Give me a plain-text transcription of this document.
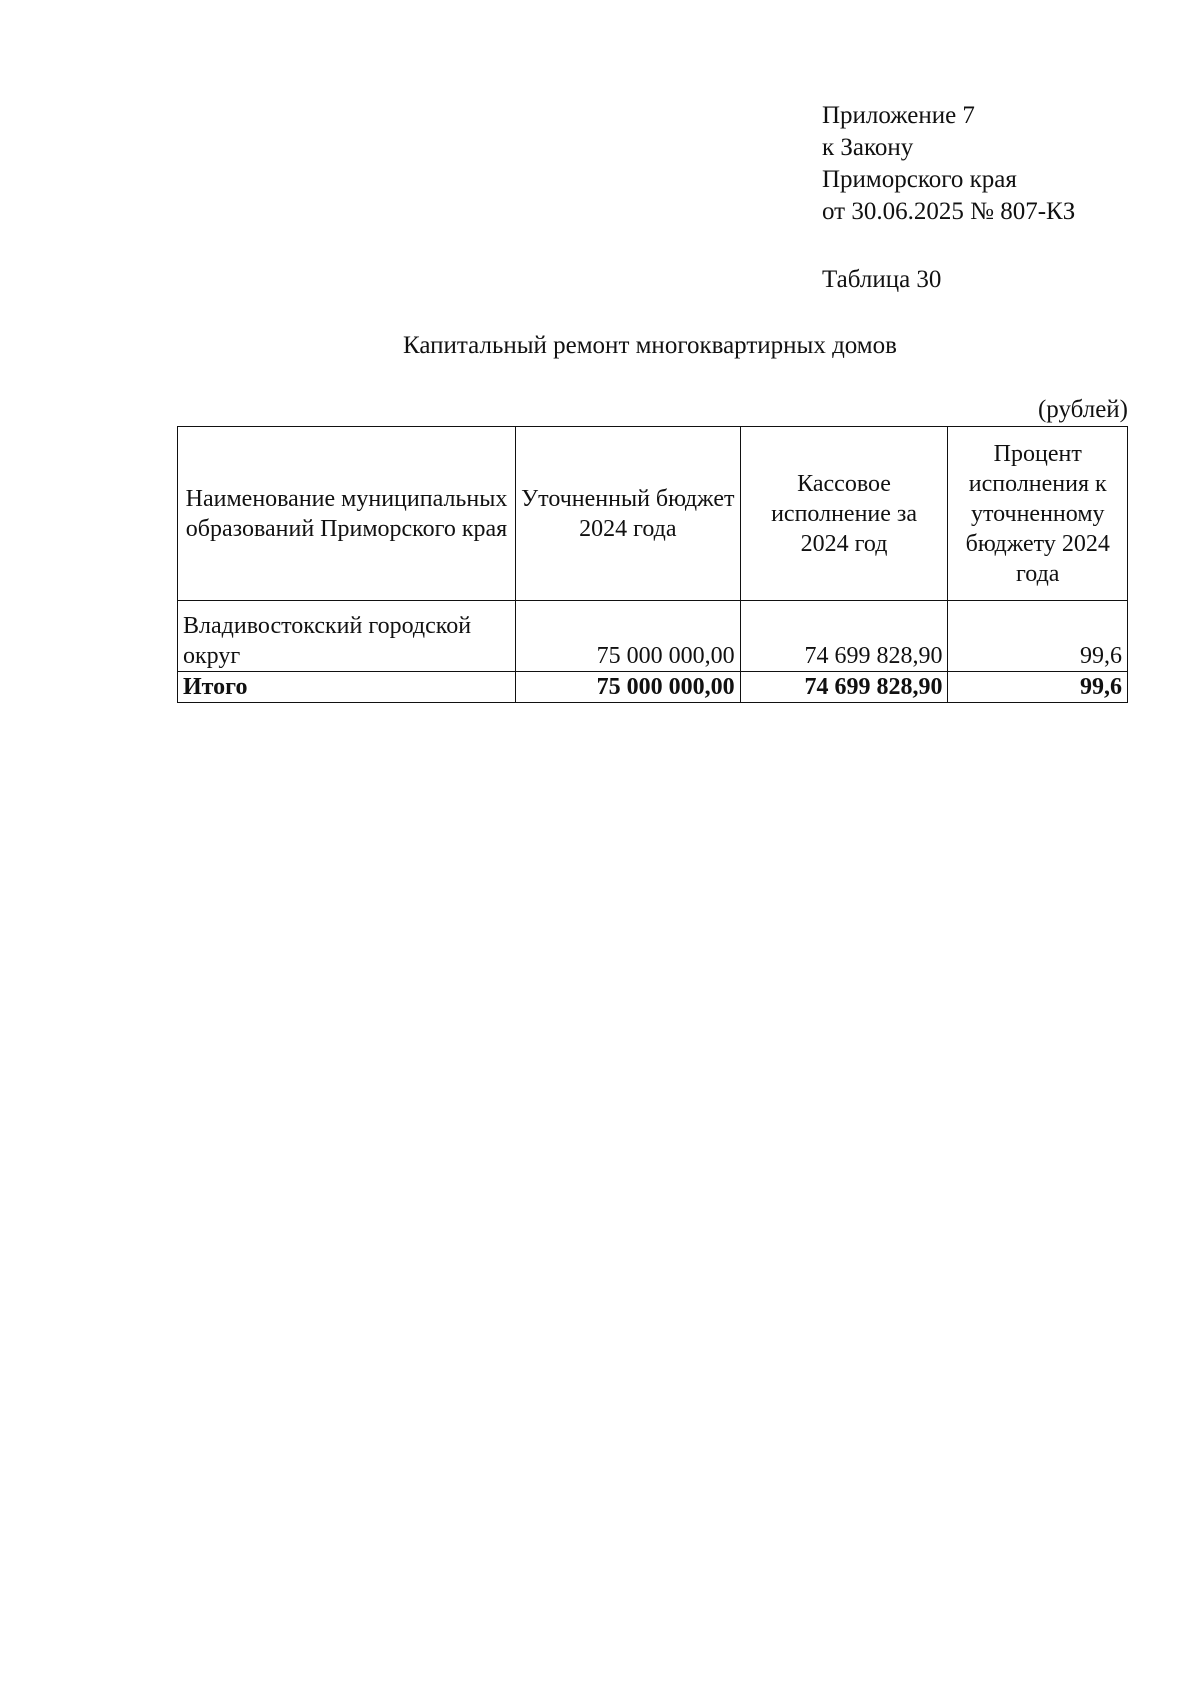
Приложение 7
к Закону
Приморского края
от 30.06.2025 № 807-КЗ
Таблица 30
Капитальный ремонт многоквартирных домов
(рублей)
Наименование муниципальных образований Приморского края	Уточненный бюджет 2024 года	Кассовое исполнение за 2024 год	Процент исполнения к уточненному бюджету 2024 года
Владивостокский городской округ	75 000 000,00	74 699 828,90	99,6
Итого	75 000 000,00	74 699 828,90	99,6
